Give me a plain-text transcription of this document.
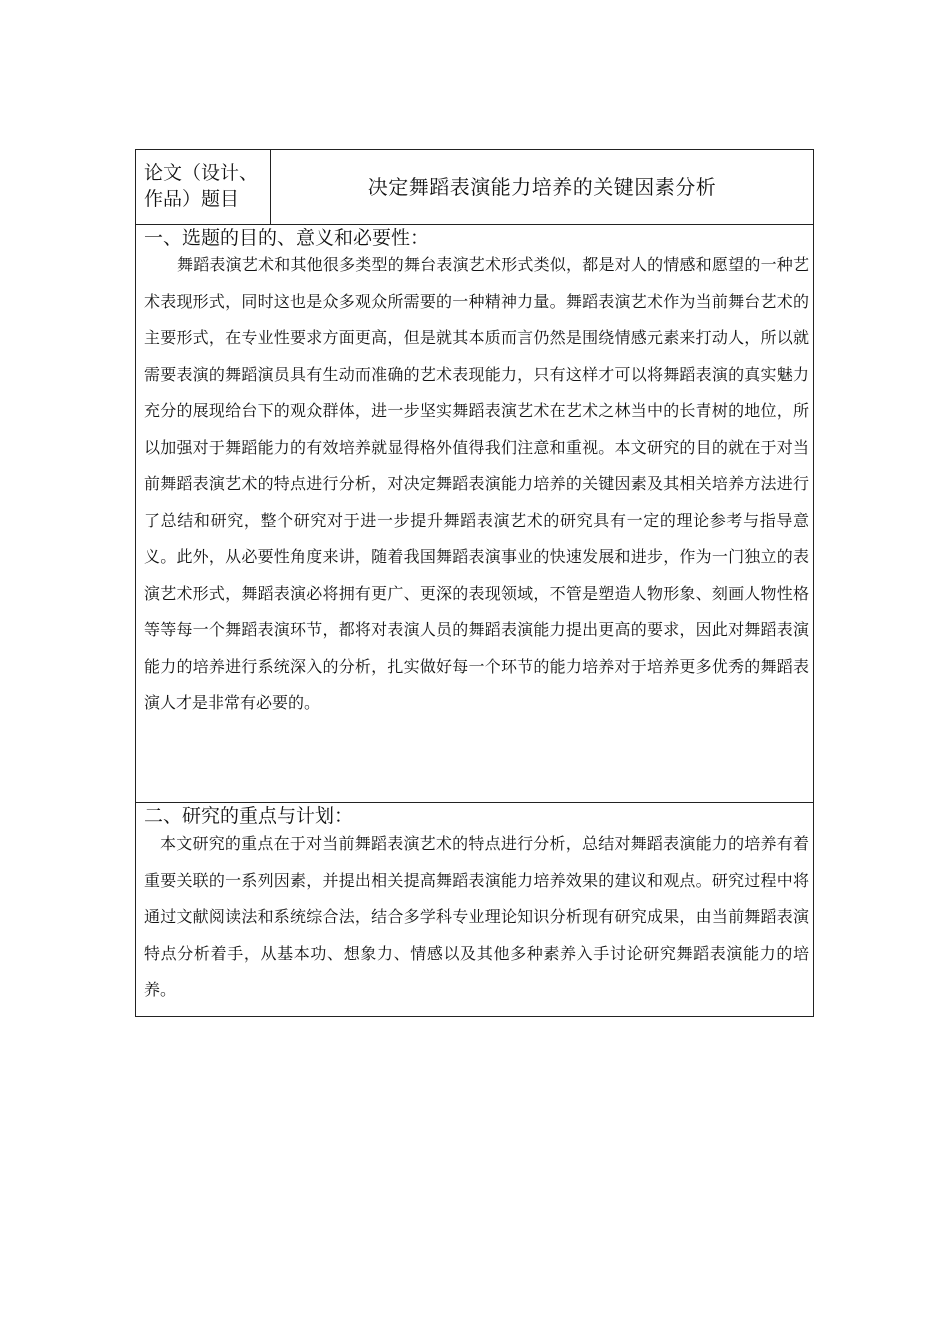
论文（设计、
作品）题目	决定舞蹈表演能力培养的关键因素分析
一、选题的目的、意义和必要性：
舞蹈表演艺术和其他很多类型的舞台表演艺术形式类似，都是对人的情感和愿望的一种艺术表现形式，同时这也是众多观众所需要的一种精神力量。舞蹈表演艺术作为当前舞台艺术的主要形式，在专业性要求方面更高，但是就其本质而言仍然是围绕情感元素来打动人，所以就需要表演的舞蹈演员具有生动而准确的艺术表现能力，只有这样才可以将舞蹈表演的真实魅力充分的展现给台下的观众群体，进一步坚实舞蹈表演艺术在艺术之林当中的长青树的地位，所以加强对于舞蹈能力的有效培养就显得格外值得我们注意和重视。本文研究的目的就在于对当前舞蹈表演艺术的特点进行分析，对决定舞蹈表演能力培养的关键因素及其相关培养方法进行了总结和研究，整个研究对于进一步提升舞蹈表演艺术的研究具有一定的理论参考与指导意义。此外，从必要性角度来讲，随着我国舞蹈表演事业的快速发展和进步，作为一门独立的表演艺术形式，舞蹈表演必将拥有更广、更深的表现领域，不管是塑造人物形象、刻画人物性格等等每一个舞蹈表演环节，都将对表演人员的舞蹈表演能力提出更高的要求，因此对舞蹈表演能力的培养进行系统深入的分析，扎实做好每一个环节的能力培养对于培养更多优秀的舞蹈表演人才是非常有必要的。
二、研究的重点与计划：
本文研究的重点在于对当前舞蹈表演艺术的特点进行分析，总结对舞蹈表演能力的培养有着重要关联的一系列因素，并提出相关提高舞蹈表演能力培养效果的建议和观点。研究过程中将通过文献阅读法和系统综合法，结合多学科专业理论知识分析现有研究成果，由当前舞蹈表演特点分析着手，从基本功、想象力、情感以及其他多种素养入手讨论研究舞蹈表演能力的培养。
